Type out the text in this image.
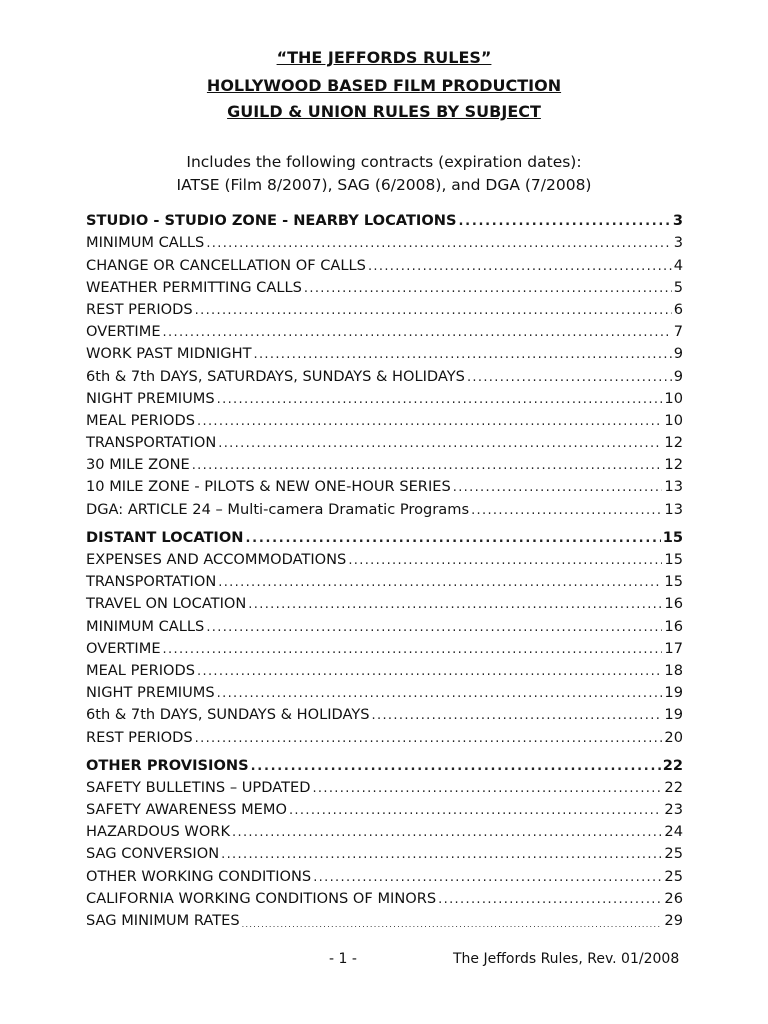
“THE JEFFORDS RULES”
HOLLYWOOD BASED FILM PRODUCTION
GUILD & UNION RULES BY SUBJECT
Includes the following contracts (expiration dates):
IATSE (Film 8/2007), SAG (6/2008), and DGA (7/2008)
STUDIO - STUDIO ZONE - NEARBY LOCATIONS . . .	3
MINIMUM CALLS . . .	3
CHANGE OR CANCELLATION OF CALLS . . .	4
WEATHER PERMITTING CALLS . . .	5
REST PERIODS . . .	6
OVERTIME . . .	7
WORK PAST MIDNIGHT . . .	9
6th & 7th DAYS, SATURDAYS, SUNDAYS & HOLIDAYS . . .	9
NIGHT PREMIUMS . . .	10
MEAL PERIODS . . .	10
TRANSPORTATION . . .	12
30 MILE ZONE . . .	12
10 MILE ZONE - PILOTS & NEW ONE-HOUR SERIES . . .	13
DGA: ARTICLE 24 – Multi-camera Dramatic Programs . . .	13
DISTANT LOCATION . . .	15
EXPENSES AND ACCOMMODATIONS . . .	15
TRANSPORTATION . . .	15
TRAVEL ON LOCATION . . .	16
MINIMUM CALLS . . .	16
OVERTIME . . .	17
MEAL PERIODS . . .	18
NIGHT PREMIUMS . . .	19
6th & 7th DAYS, SUNDAYS & HOLIDAYS . . .	19
REST PERIODS . . .	20
OTHER PROVISIONS . . .	22
SAFETY BULLETINS – UPDATED . . .	22
SAFETY AWARENESS MEMO . . .	23
HAZARDOUS WORK . . .	24
SAG CONVERSION . . .	25
OTHER WORKING CONDITIONS . . .	25
CALIFORNIA WORKING CONDITIONS OF MINORS . . .	26
SAG MINIMUM RATES . . .	29
- 1 -	The Jeffords Rules, Rev. 01/2008
